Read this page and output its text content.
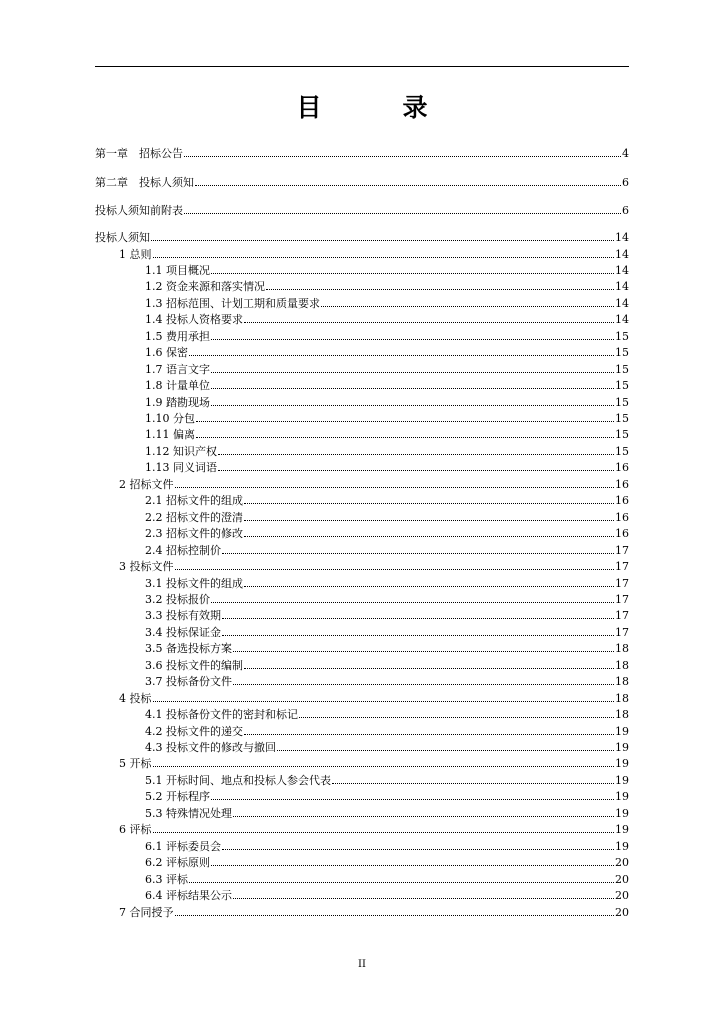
目　录
第一章　招标公告	4
第二章　投标人须知	6
投标人须知前附表	6
投标人须知	14
1 总则	14
1.1 项目概况	14
1.2 资金来源和落实情况	14
1.3 招标范围、计划工期和质量要求	14
1.4 投标人资格要求	14
1.5 费用承担	15
1.6 保密	15
1.7 语言文字	15
1.8 计量单位	15
1.9 踏勘现场	15
1.10 分包	15
1.11 偏离	15
1.12 知识产权	15
1.13 同义词语	16
2 招标文件	16
2.1 招标文件的组成	16
2.2 招标文件的澄清	16
2.3 招标文件的修改	16
2.4 招标控制价	17
3 投标文件	17
3.1 投标文件的组成	17
3.2 投标报价	17
3.3 投标有效期	17
3.4 投标保证金	17
3.5 备选投标方案	18
3.6 投标文件的编制	18
3.7 投标备份文件	18
4 投标	18
4.1 投标备份文件的密封和标记	18
4.2 投标文件的递交	19
4.3 投标文件的修改与撤回	19
5 开标	19
5.1 开标时间、地点和投标人参会代表	19
5.2 开标程序	19
5.3 特殊情况处理	19
6 评标	19
6.1 评标委员会	19
6.2 评标原则	20
6.3 评标	20
6.4 评标结果公示	20
7 合同授予	20
II
